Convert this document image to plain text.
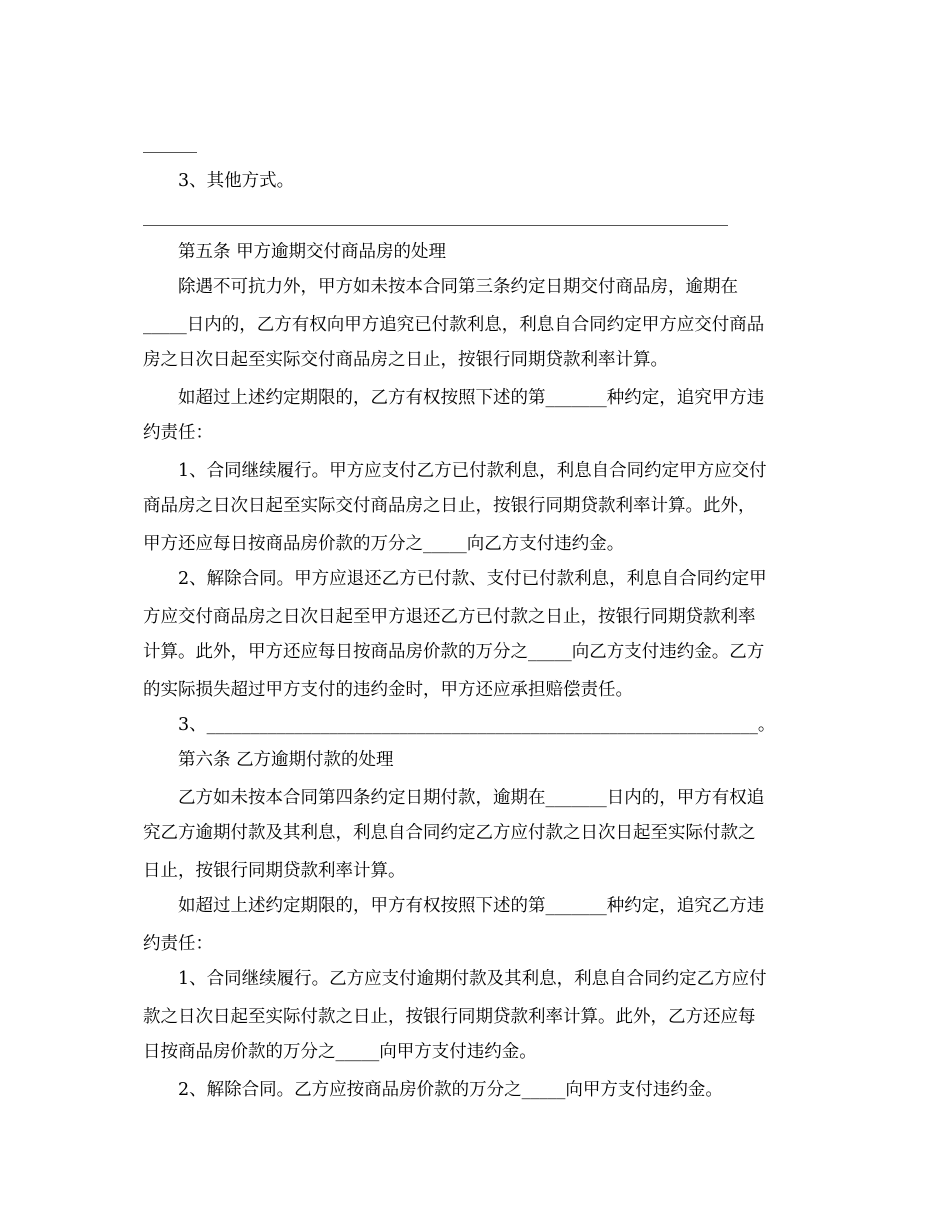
3、其他方式。
第五条 甲方逾期交付商品房的处理
除遇不可抗力外，甲方如未按本合同第三条约定日期交付商品房，逾期在
_____日内的，乙方有权向甲方追究已付款利息，利息自合同约定甲方应交付商品
房之日次日起至实际交付商品房之日止，按银行同期贷款利率计算。
如超过上述约定期限的，乙方有权按照下述的第_______种约定，追究甲方违
约责任：
1、合同继续履行。甲方应支付乙方已付款利息，利息自合同约定甲方应交付
商品房之日次日起至实际交付商品房之日止，按银行同期贷款利率计算。此外，
甲方还应每日按商品房价款的万分之_____向乙方支付违约金。
2、解除合同。甲方应退还乙方已付款、支付已付款利息，利息自合同约定甲
方应交付商品房之日次日起至甲方退还乙方已付款之日止，按银行同期贷款利率
计算。此外，甲方还应每日按商品房价款的万分之_____向乙方支付违约金。乙方
的实际损失超过甲方支付的违约金时，甲方还应承担赔偿责任。
3、_______________________________________________________________。
第六条 乙方逾期付款的处理
乙方如未按本合同第四条约定日期付款，逾期在_______日内的，甲方有权追
究乙方逾期付款及其利息，利息自合同约定乙方应付款之日次日起至实际付款之
日止，按银行同期贷款利率计算。
如超过上述约定期限的，甲方有权按照下述的第_______种约定，追究乙方违
约责任：
1、合同继续履行。乙方应支付逾期付款及其利息，利息自合同约定乙方应付
款之日次日起至实际付款之日止，按银行同期贷款利率计算。此外，乙方还应每
日按商品房价款的万分之_____向甲方支付违约金。
2、解除合同。乙方应按商品房价款的万分之_____向甲方支付违约金。
